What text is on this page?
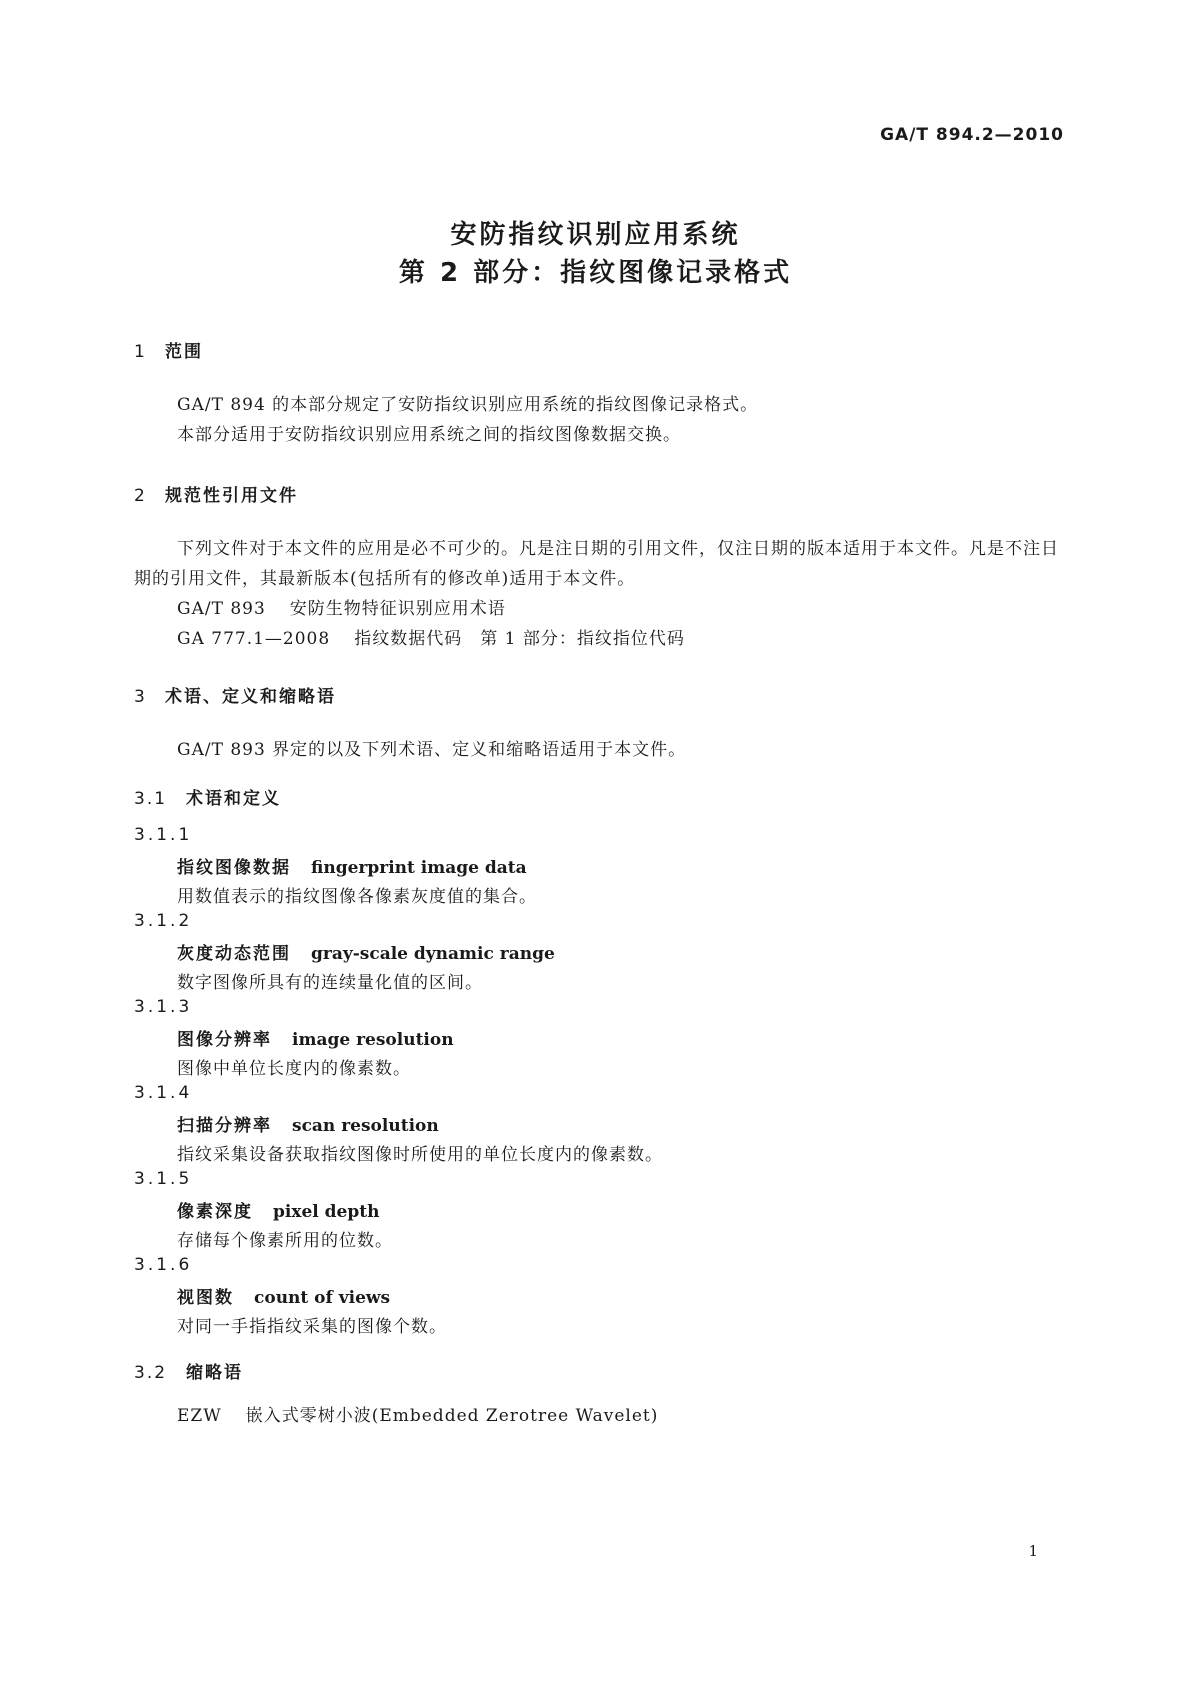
GA/T 894.2—2010

安防指纹识别应用系统
第 2 部分：指纹图像记录格式
1 范围

GA/T 894 的本部分规定了安防指纹识别应用系统的指纹图像记录格式。

本部分适用于安防指纹识别应用系统之间的指纹图像数据交换。

2 规范性引用文件

下列文件对于本文件的应用是必不可少的。凡是注日期的引用文件，仅注日期的版本适用于本文件。凡是不注日期的引用文件，其最新版本(包括所有的修改单)适用于本文件。

GA/T 893 安防生物特征识别应用术语

GA 777.1—2008 指纹数据代码　第 1 部分：指纹指位代码

3 术语、定义和缩略语

GA/T 893 界定的以及下列术语、定义和缩略语适用于本文件。

3.1 术语和定义

3.1.1

指纹图像数据 fingerprint image data

用数值表示的指纹图像各像素灰度值的集合。

3.1.2

灰度动态范围 gray-scale dynamic range

数字图像所具有的连续量化值的区间。

3.1.3

图像分辨率 image resolution

图像中单位长度内的像素数。

3.1.4

扫描分辨率 scan resolution

指纹采集设备获取指纹图像时所使用的单位长度内的像素数。

3.1.5

像素深度 pixel depth

存储每个像素所用的位数。

3.1.6

视图数 count of views

对同一手指指纹采集的图像个数。

3.2 缩略语

EZW 嵌入式零树小波(Embedded Zerotree Wavelet)

1
